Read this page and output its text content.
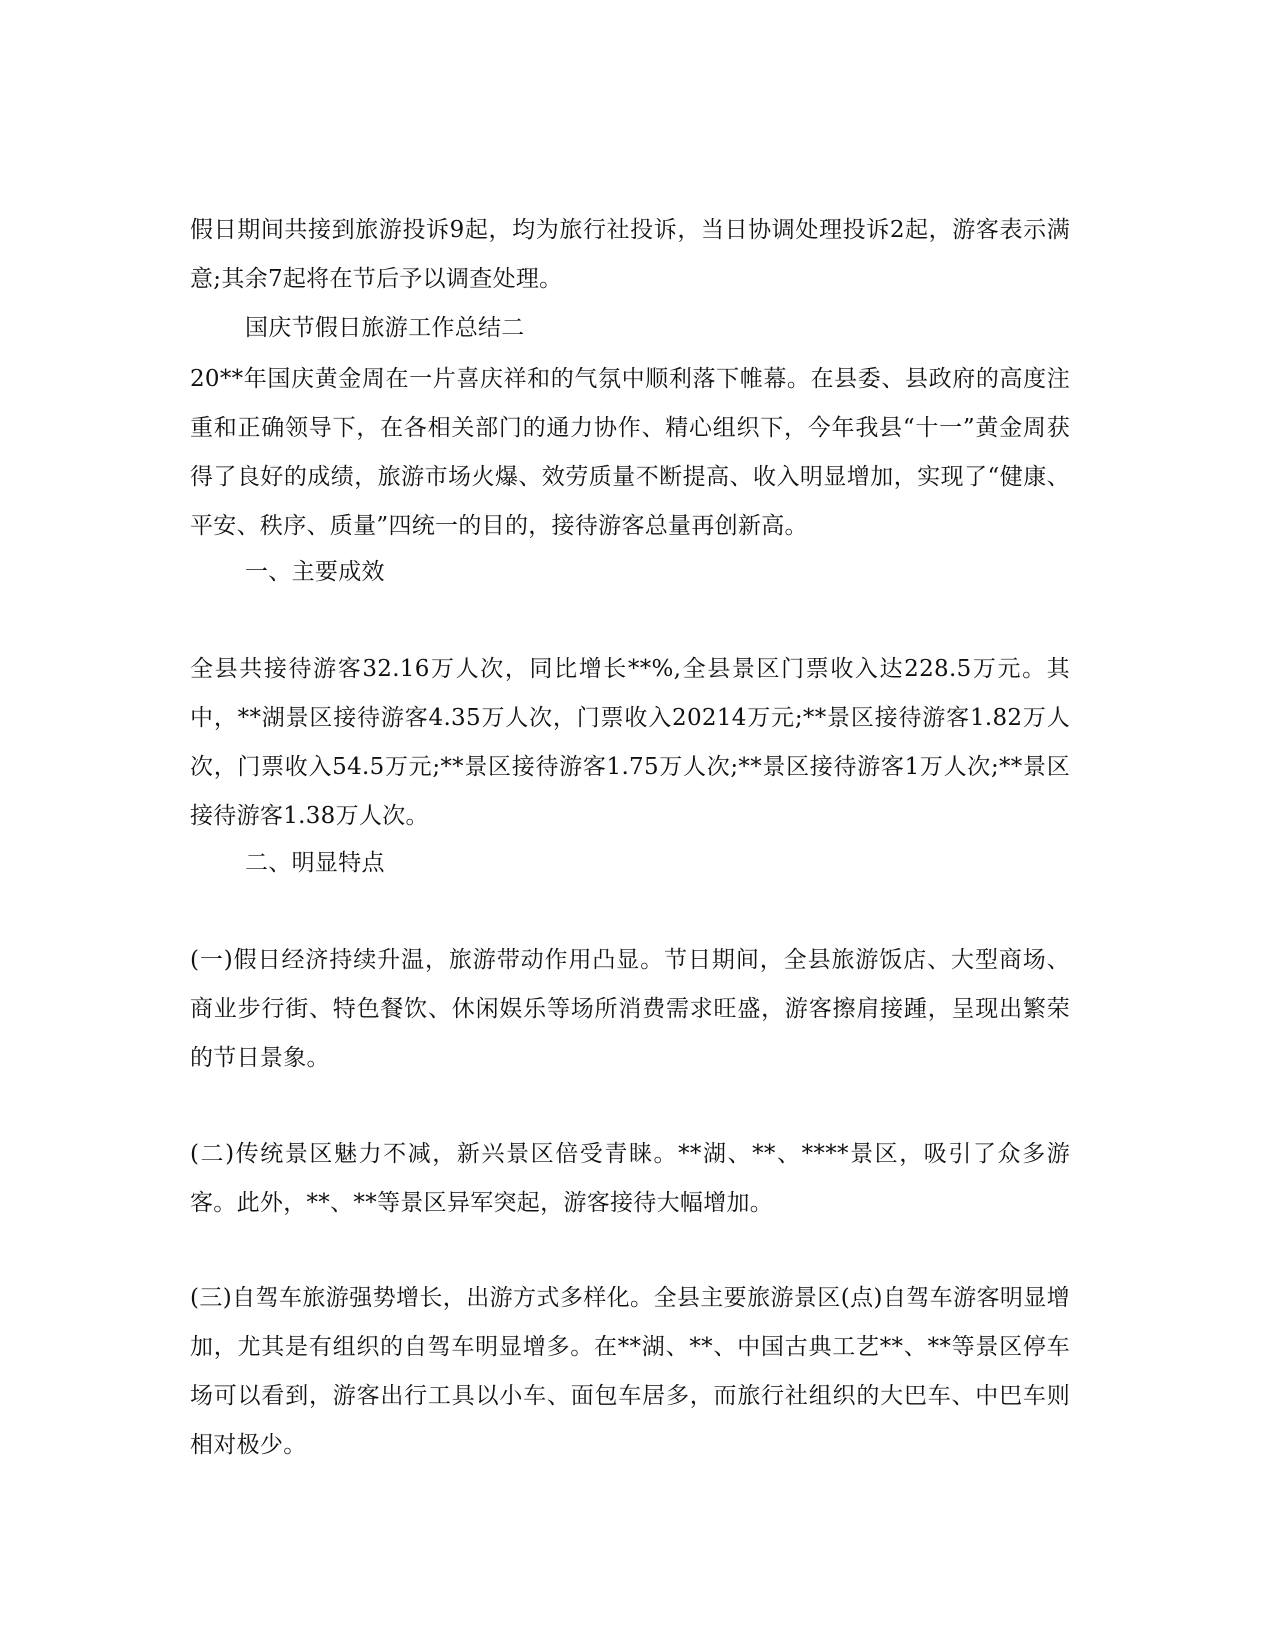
假日期间共接到旅游投诉9起，均为旅行社投诉，当日协调处理投诉2起，游客表示满意;其余7起将在节后予以调查处理。

国庆节假日旅游工作总结二

20**年国庆黄金周在一片喜庆祥和的气氛中顺利落下帷幕。在县委、县政府的高度注重和正确领导下，在各相关部门的通力协作、精心组织下，今年我县“十一”黄金周获得了良好的成绩，旅游市场火爆、效劳质量不断提高、收入明显增加，实现了“健康、平安、秩序、质量”四统一的目的，接待游客总量再创新高。

一、主要成效

全县共接待游客32.16万人次，同比增长**%,全县景区门票收入达228.5万元。其中，**湖景区接待游客4.35万人次，门票收入20214万元;**景区接待游客1.82万人次，门票收入54.5万元;**景区接待游客1.75万人次;**景区接待游客1万人次;**景区接待游客1.38万人次。

二、明显特点

(一)假日经济持续升温，旅游带动作用凸显。节日期间，全县旅游饭店、大型商场、商业步行街、特色餐饮、休闲娱乐等场所消费需求旺盛，游客擦肩接踵，呈现出繁荣的节日景象。

(二)传统景区魅力不减，新兴景区倍受青睐。**湖、**、****景区，吸引了众多游客。此外，**、**等景区异军突起，游客接待大幅增加。

(三)自驾车旅游强势增长，出游方式多样化。全县主要旅游景区(点)自驾车游客明显增加，尤其是有组织的自驾车明显增多。在**湖、**、中国古典工艺**、**等景区停车场可以看到，游客出行工具以小车、面包车居多，而旅行社组织的大巴车、中巴车则相对极少。
